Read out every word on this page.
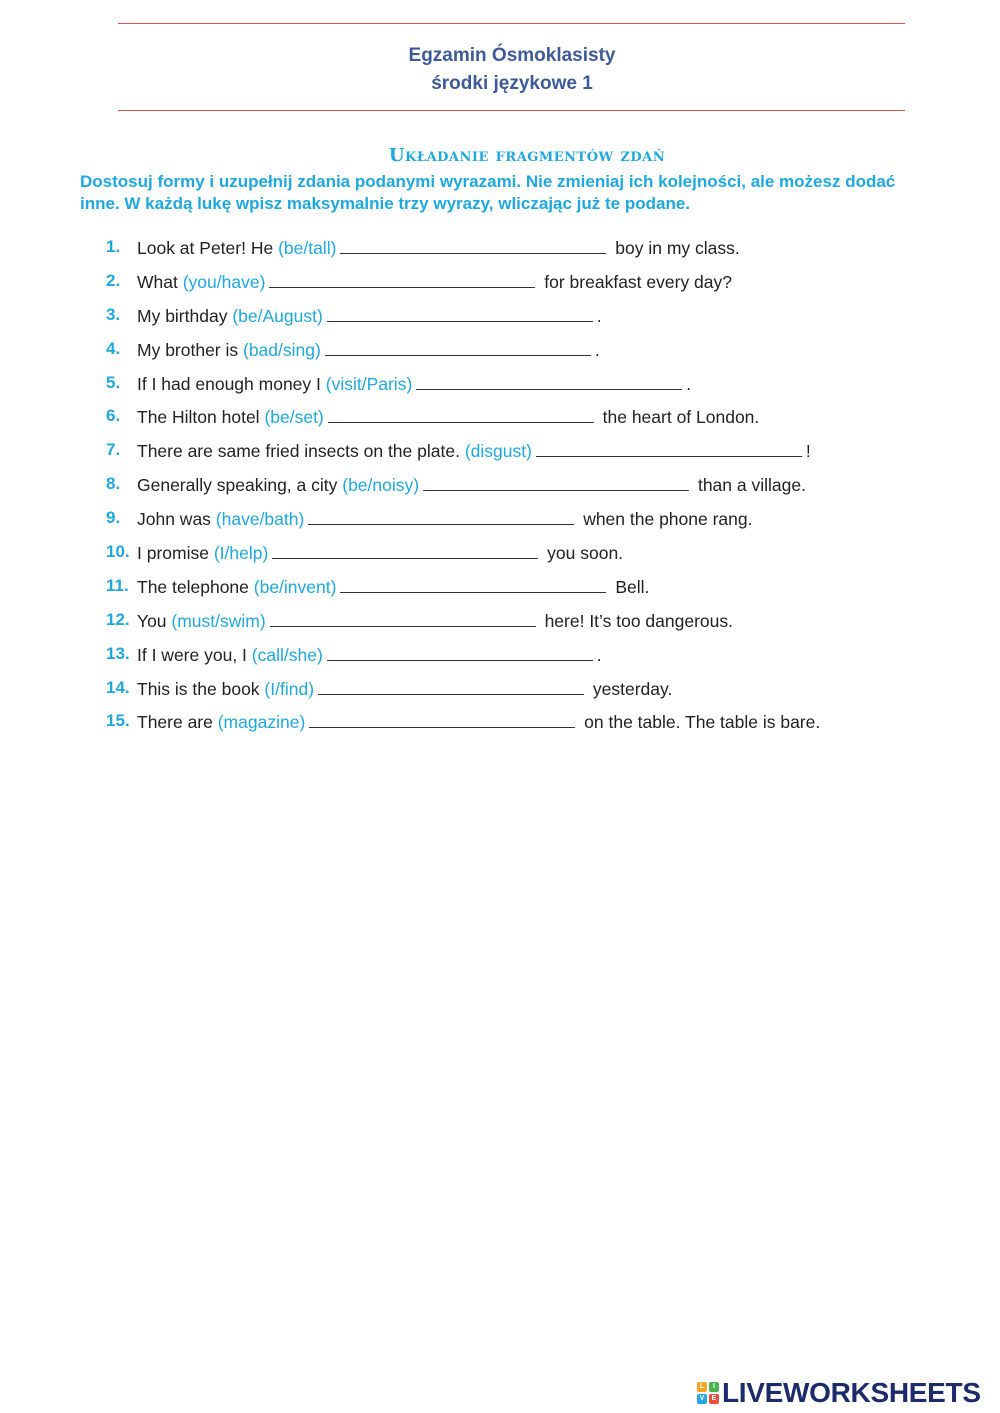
Egzamin Ósmoklasisty
środki językowe 1
Układanie fragmentów zdań
Dostosuj formy i uzupełnij zdania podanymi wyrazami. Nie zmieniaj ich kolejności, ale możesz dodać inne. W każdą lukę wpisz maksymalnie trzy wyrazy, wliczając już te podane.
1. Look at Peter! He (be/tall)	boy in my class.
2. What (you/have)	for breakfast every day?
3. My birthday (be/August)	.
4. My brother is (bad/sing)	.
5. If I had enough money I (visit/Paris)	.
6. The Hilton hotel (be/set)	the heart of London.
7. There are same fried insects on the plate. (disgust)	!
8. Generally speaking, a city (be/noisy)	than a village.
9. John was (have/bath)	when the phone rang.
10. I promise (I/help)	you soon.
11. The telephone (be/invent)	Bell.
12. You (must/swim)	here! It’s too dangerous.
13. If I were you, I (call/she)	.
14. This is the book (I/find)	yesterday.
15. There are (magazine)	on the table. The table is bare.
L	I
V	E LIVEWORKSHEETS
